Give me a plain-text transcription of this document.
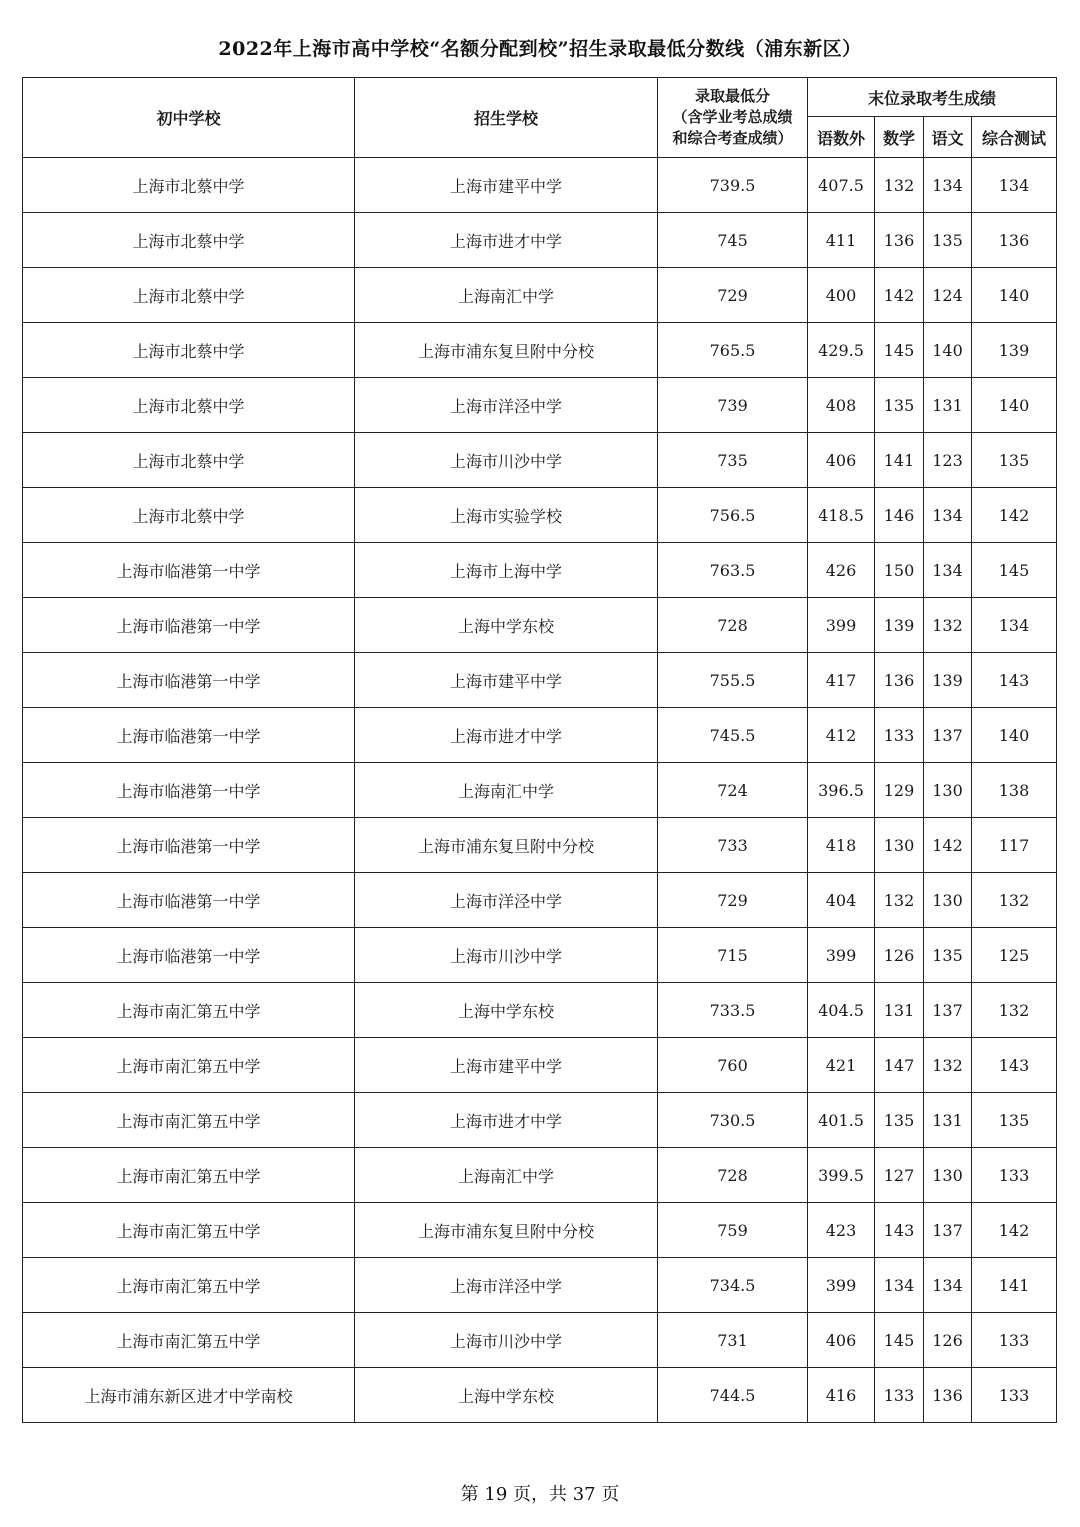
2022年上海市高中学校“名额分配到校”招生录取最低分数线（浦东新区）
初中学校	招生学校	录取最低分
（含学业考总成绩
和综合考查成绩）	末位录取考生成绩			
			语数外	数学	语文	综合测试
上海市北蔡中学	上海市建平中学	739.5	407.5	132	134	134
上海市北蔡中学	上海市进才中学	745	411	136	135	136
上海市北蔡中学	上海南汇中学	729	400	142	124	140
上海市北蔡中学	上海市浦东复旦附中分校	765.5	429.5	145	140	139
上海市北蔡中学	上海市洋泾中学	739	408	135	131	140
上海市北蔡中学	上海市川沙中学	735	406	141	123	135
上海市北蔡中学	上海市实验学校	756.5	418.5	146	134	142
上海市临港第一中学	上海市上海中学	763.5	426	150	134	145
上海市临港第一中学	上海中学东校	728	399	139	132	134
上海市临港第一中学	上海市建平中学	755.5	417	136	139	143
上海市临港第一中学	上海市进才中学	745.5	412	133	137	140
上海市临港第一中学	上海南汇中学	724	396.5	129	130	138
上海市临港第一中学	上海市浦东复旦附中分校	733	418	130	142	117
上海市临港第一中学	上海市洋泾中学	729	404	132	130	132
上海市临港第一中学	上海市川沙中学	715	399	126	135	125
上海市南汇第五中学	上海中学东校	733.5	404.5	131	137	132
上海市南汇第五中学	上海市建平中学	760	421	147	132	143
上海市南汇第五中学	上海市进才中学	730.5	401.5	135	131	135
上海市南汇第五中学	上海南汇中学	728	399.5	127	130	133
上海市南汇第五中学	上海市浦东复旦附中分校	759	423	143	137	142
上海市南汇第五中学	上海市洋泾中学	734.5	399	134	134	141
上海市南汇第五中学	上海市川沙中学	731	406	145	126	133
上海市浦东新区进才中学南校	上海中学东校	744.5	416	133	136	133
第 19 页，共 37 页
